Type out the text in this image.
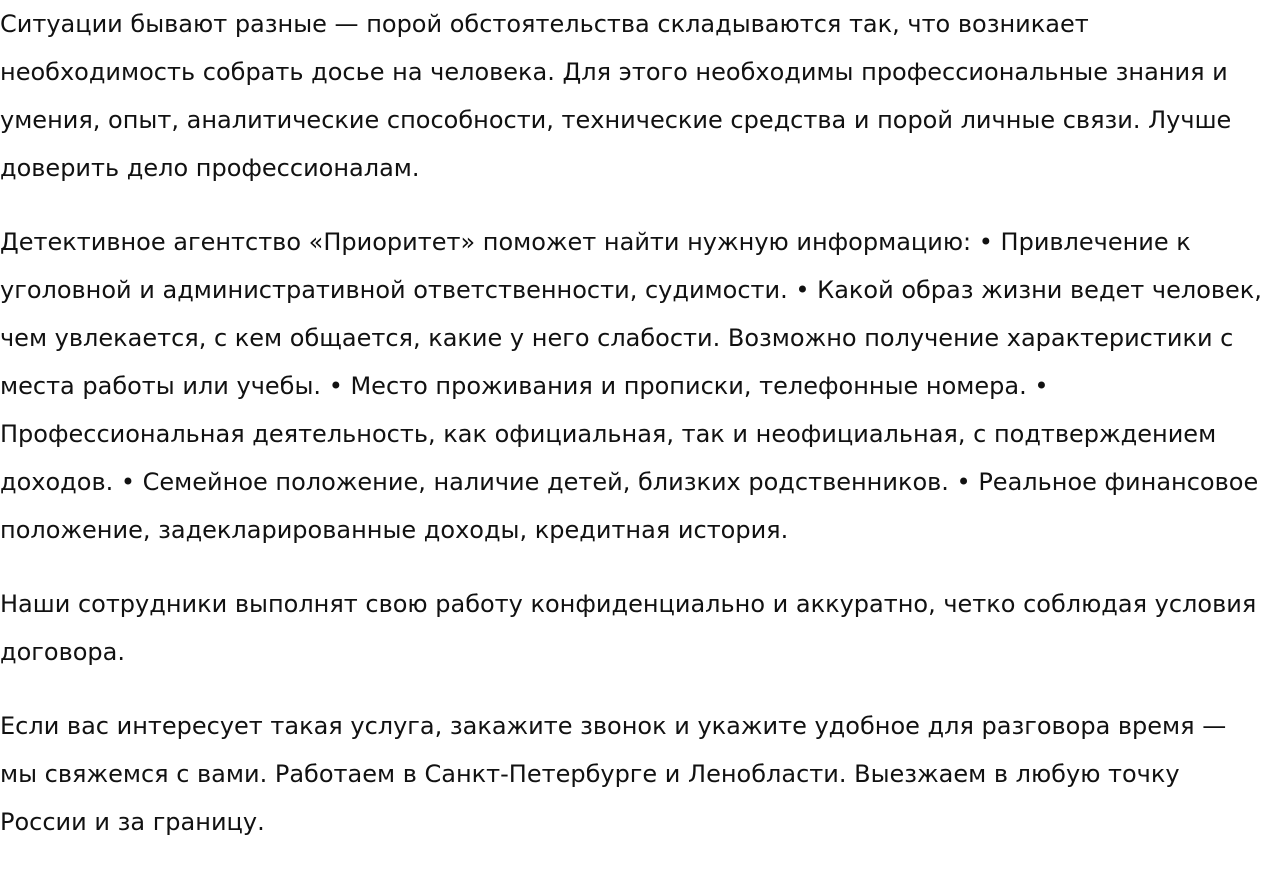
Ситуации бывают разные — порой обстоятельства складываются так, что возникает необходимость собрать досье на человека. Для этого необходимы профессиональные знания и умения, опыт, аналитические способности, технические средства и порой личные связи. Лучше доверить дело профессионалам.

Детективное агентство «Приоритет» поможет найти нужную информацию: • Привлечение к уголовной и административной ответственности, судимости. • Какой образ жизни ведет человек, чем увлекается, с кем общается, какие у него слабости. Возможно получение характеристики с места работы или учебы. • Место проживания и прописки, телефонные номера. • Профессиональная деятельность, как официальная, так и неофициальная, с подтверждением доходов. • Семейное положение, наличие детей, близких родственников. • Реальное финансовое положение, задекларированные доходы, кредитная история.

Наши сотрудники выполнят свою работу конфиденциально и аккуратно, четко соблюдая условия договора.

Если вас интересует такая услуга, закажите звонок и укажите удобное для разговора время — мы свяжемся с вами. Работаем в Санкт-Петербурге и Ленобласти. Выезжаем в любую точку России и за границу.
